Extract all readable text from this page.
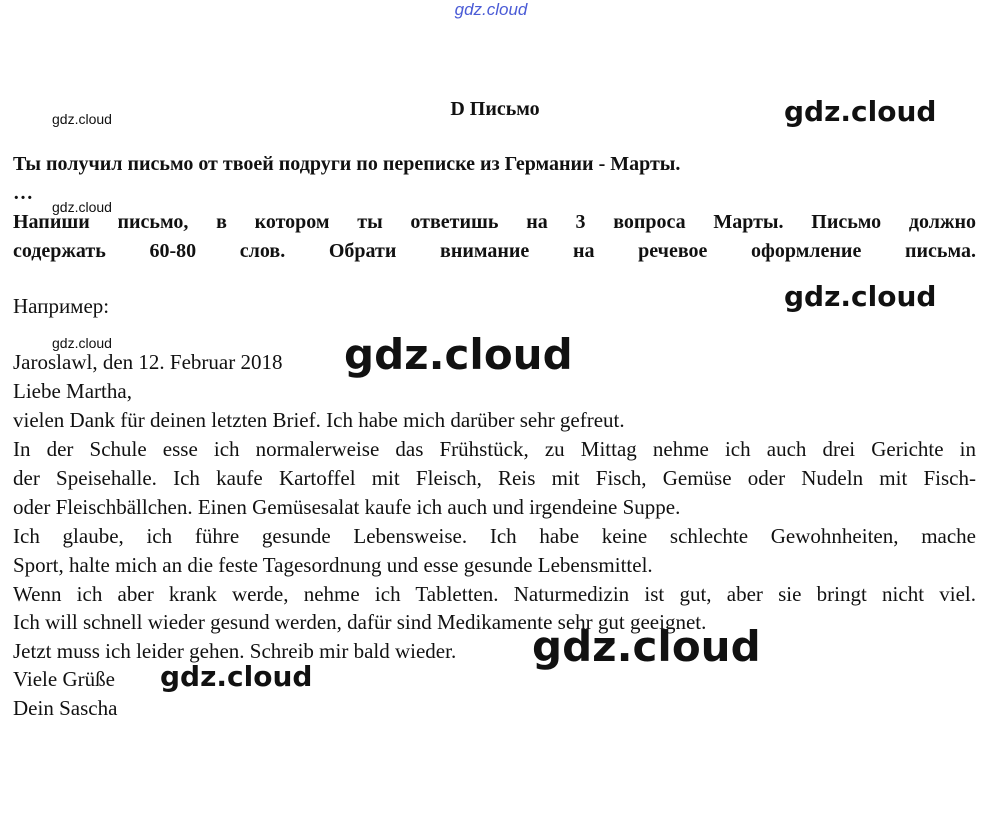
gdz.cloud
D Письмо
Ты получил письмо от твоей подруги по переписке из Германии - Марты.
…
Напиши письмо, в котором ты ответишь на 3 вопроса Марты. Письмо должно
содержать 60-80 слов. Обрати внимание на речевое оформление письма.
Например:
Jaroslawl, den 12. Februar 2018
Liebe Martha,
vielen Dank für deinen letzten Brief. Ich habe mich darüber sehr gefreut.
In der Schule esse ich normalerweise das Frühstück, zu Mittag nehme ich auch drei Gerichte in
der Speisehalle. Ich kaufe Kartoffel mit Fleisch, Reis mit Fisch, Gemüse oder Nudeln mit Fisch-
oder Fleischbällchen. Einen Gemüsesalat kaufe ich auch und irgendeine Suppe.
Ich glaube, ich führe gesunde Lebensweise. Ich habe keine schlechte Gewohnheiten, mache
Sport, halte mich an die feste Tagesordnung und esse gesunde Lebensmittel.
Wenn ich aber krank werde, nehme ich Tabletten. Naturmedizin ist gut, aber sie bringt nicht viel.
Ich will schnell wieder gesund werden, dafür sind Medikamente sehr gut geeignet.
Jetzt muss ich leider gehen. Schreib mir bald wieder.
Viele Grüße
Dein Sascha
gdz.cloud
gdz.cloud
gdz.cloud
gdz.cloud
gdz.cloud
gdz.cloud
gdz.cloud
gdz.cloud
